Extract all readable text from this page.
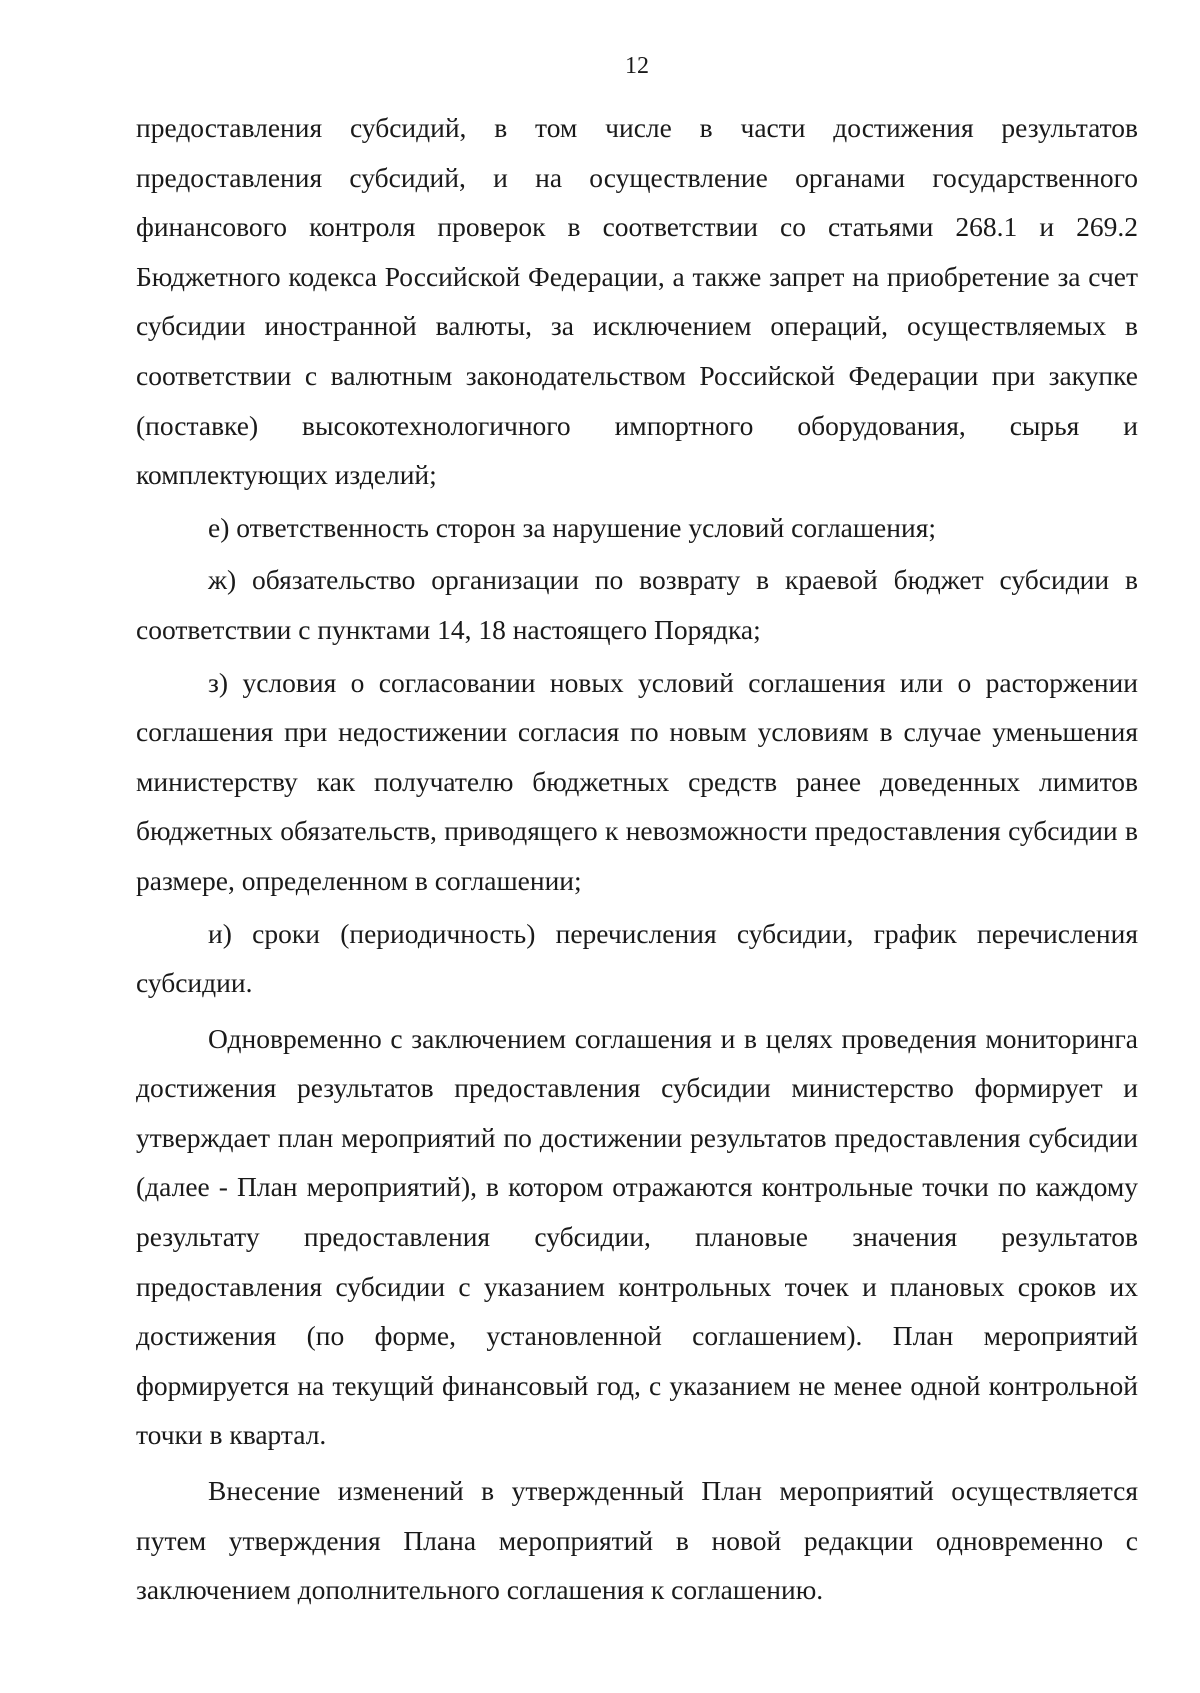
12

предоставления субсидий, в том числе в части достижения результатов предоставления субсидий, и на осуществление органами государственного финансового контроля проверок в соответствии со статьями 268.1 и 269.2 Бюджетного кодекса Российской Федерации, а также запрет на приобретение за счет субсидии иностранной валюты, за исключением операций, осуществляемых в соответствии с валютным законодательством Российской Федерации при закупке (поставке) высокотехнологичного импортного оборудования, сырья и комплектующих изделий;

е) ответственность сторон за нарушение условий соглашения;

ж) обязательство организации по возврату в краевой бюджет субсидии в соответствии с пунктами 14, 18 настоящего Порядка;

з) условия о согласовании новых условий соглашения или о расторжении соглашения при недостижении согласия по новым условиям в случае уменьшения министерству как получателю бюджетных средств ранее доведенных лимитов бюджетных обязательств, приводящего к невозможности предоставления субсидии в размере, определенном в соглашении;

и) сроки (периодичность) перечисления субсидии, график перечисления субсидии.

Одновременно с заключением соглашения и в целях проведения мониторинга достижения результатов предоставления субсидии министерство формирует и утверждает план мероприятий по достижении результатов предоставления субсидии (далее - План мероприятий), в котором отражаются контрольные точки по каждому результату предоставления субсидии, плановые значения результатов предоставления субсидии с указанием контрольных точек и плановых сроков их достижения (по форме, установленной соглашением). План мероприятий формируется на текущий финансовый год, с указанием не менее одной контрольной точки в квартал.

Внесение изменений в утвержденный План мероприятий осуществляется путем утверждения Плана мероприятий в новой редакции одновременно с заключением дополнительного соглашения к соглашению.
